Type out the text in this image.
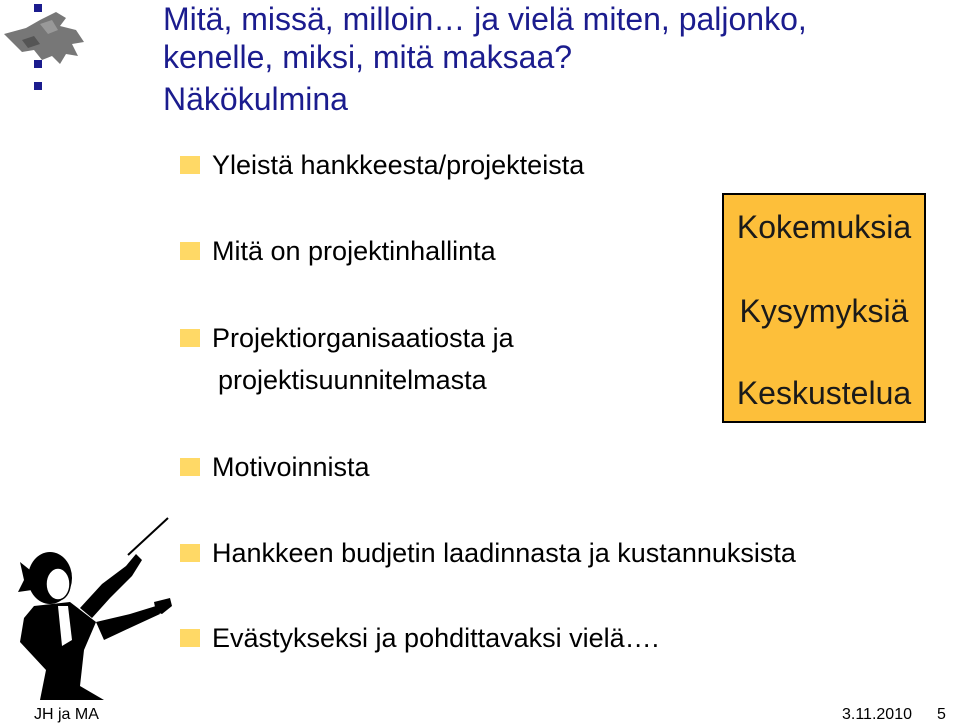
Mitä, missä, milloin… ja vielä miten, paljonko,
kenelle, miksi, mitä maksaa?
Näkökulmina
Yleistä hankkeesta/projekteista
Mitä on projektinhallinta
Projektiorganisaatiosta ja
projektisuunnitelmasta
Motivoinnista
Hankkeen budjetin laadinnasta ja kustannuksista
Evästykseksi ja pohdittavaksi vielä….
Kokemuksia
Kysymyksiä
Keskustelua
JH ja MA	3.11.2010 5
